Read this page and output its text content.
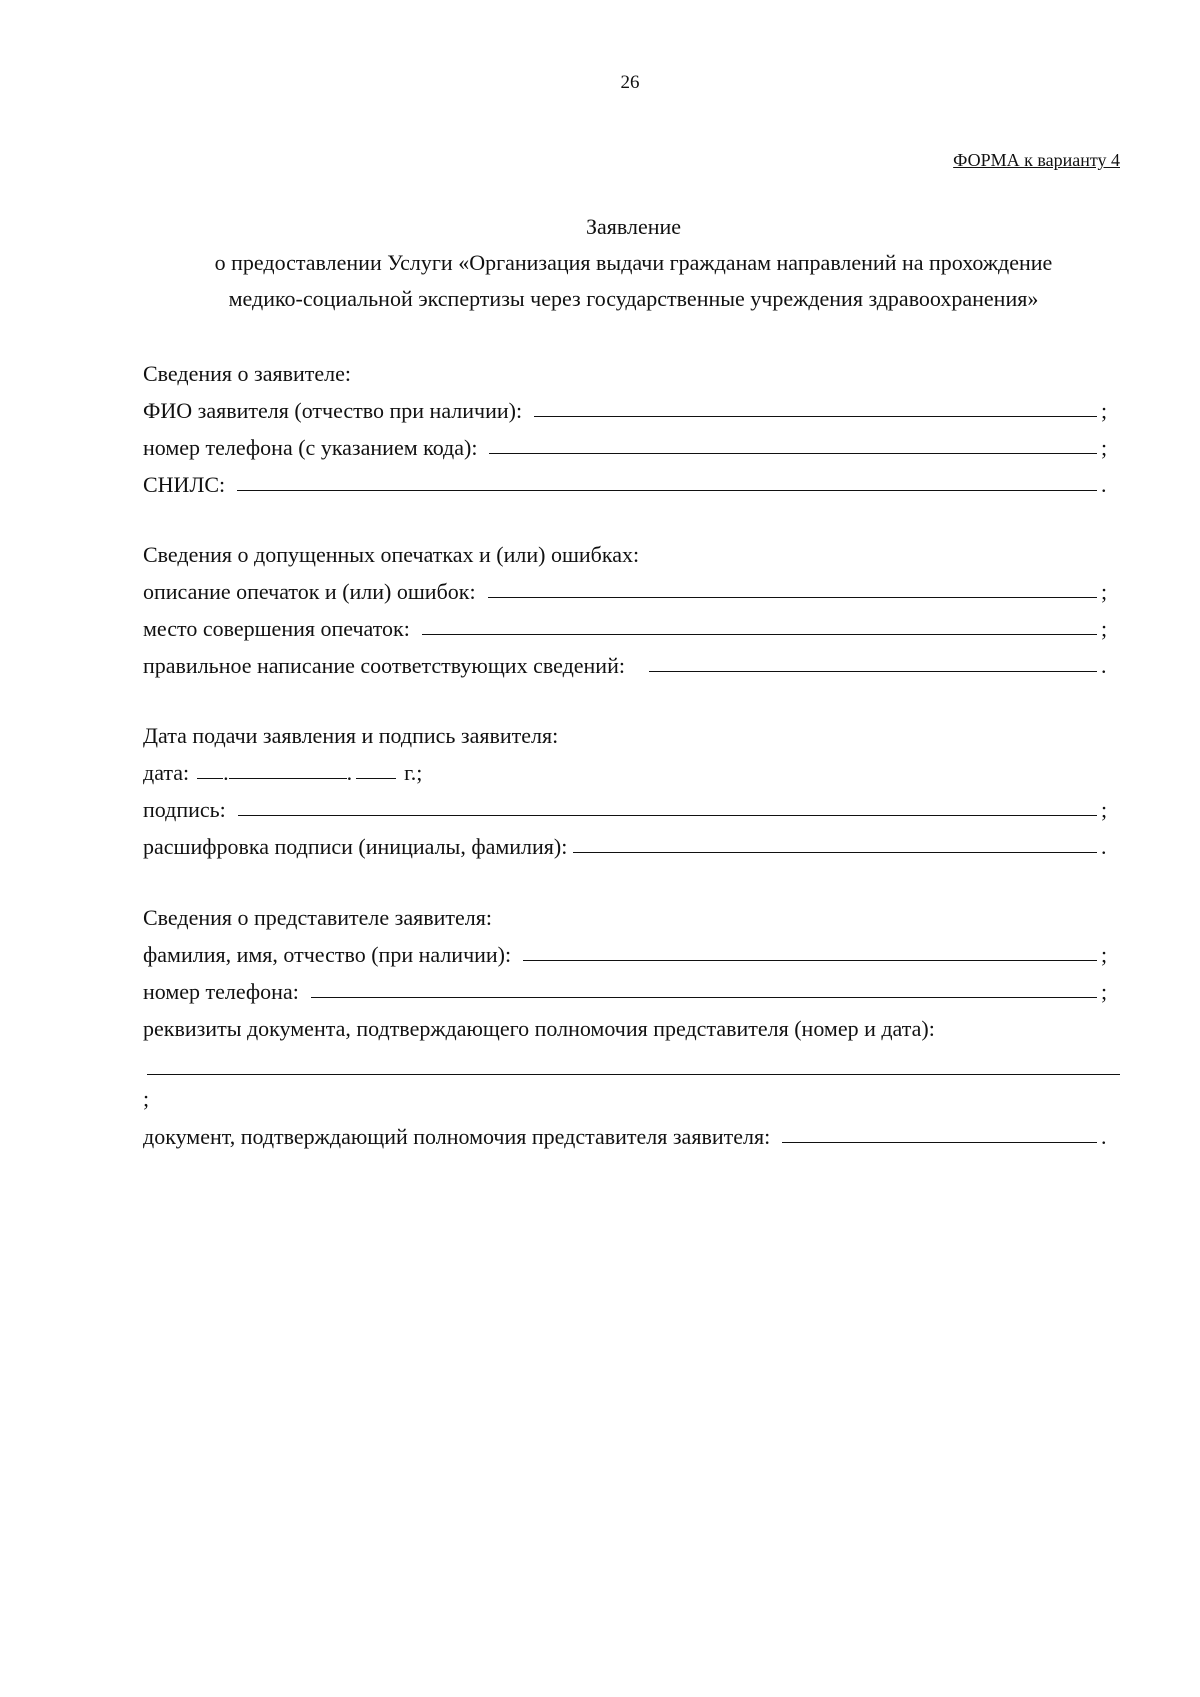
26
ФОРМА к варианту 4
Заявление
о предоставлении Услуги «Организация выдачи гражданам направлений на прохождение
медико-социальной экспертизы через государственные учреждения здравоохранения»
Сведения о заявителе:
ФИО заявителя (отчество при наличии):	;
номер телефона (с указанием кода):	;
СНИЛС:	.
Сведения о допущенных опечатках и (или) ошибках:
описание опечаток и (или) ошибок:	;
место совершения опечаток:	;
правильное написание соответствующих сведений:	.
Дата подачи заявления и подпись заявителя:
дата: .	. г.;
подпись:	;
расшифровка подписи (инициалы, фамилия):	.
Сведения о представителе заявителя:
фамилия, имя, отчество (при наличии):	;
номер телефона:	;
реквизиты документа, подтверждающего полномочия представителя (номер и дата):
;
документ, подтверждающий полномочия представителя заявителя:	.
